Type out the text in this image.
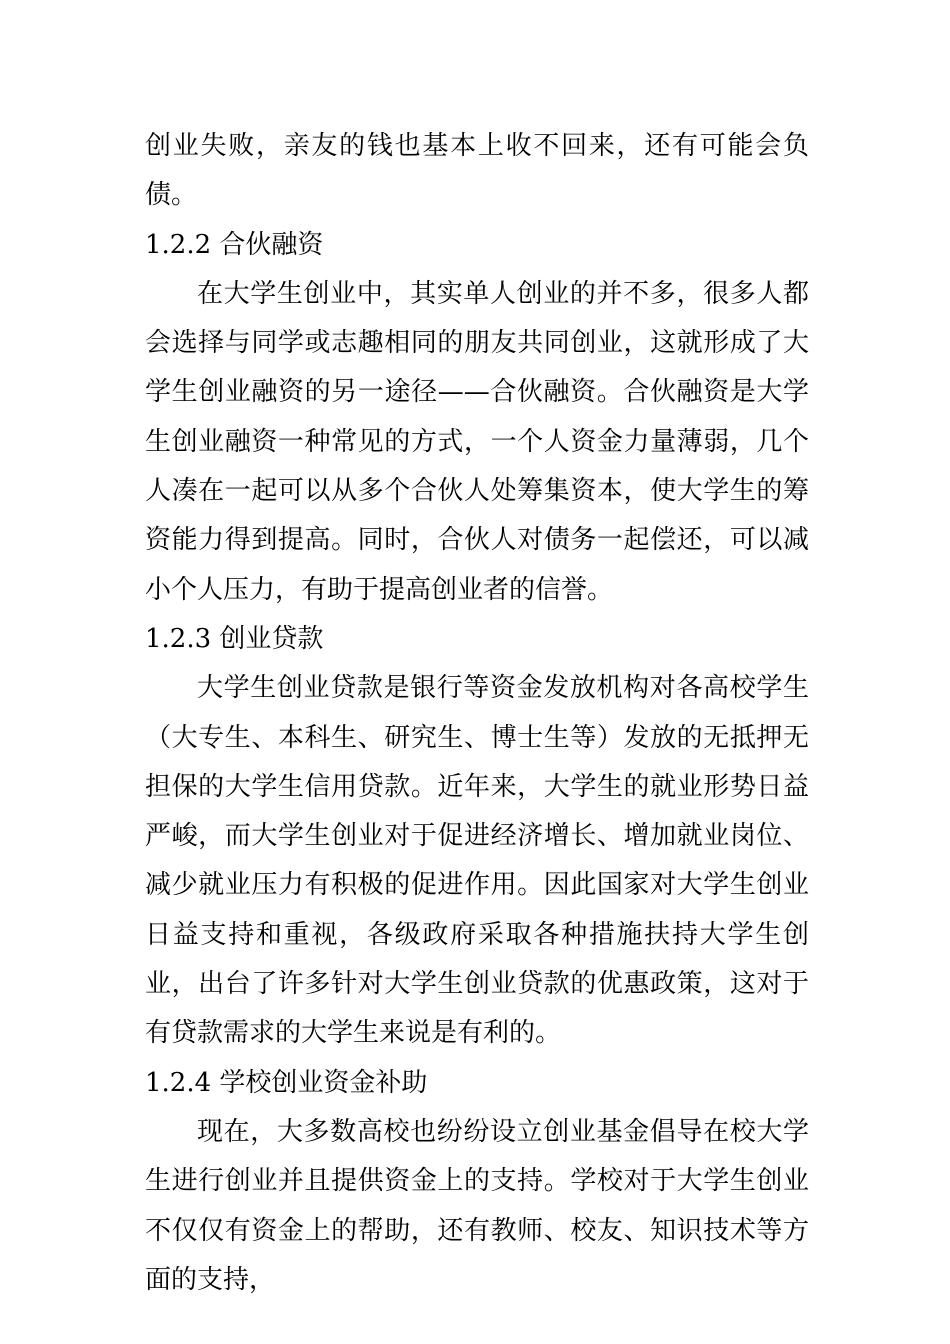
创业失败，亲友的钱也基本上收不回来，还有可能会负债。

1.2.2 合伙融资

在大学生创业中，其实单人创业的并不多，很多人都会选择与同学或志趣相同的朋友共同创业，这就形成了大学生创业融资的另一途径——合伙融资。合伙融资是大学生创业融资一种常见的方式，一个人资金力量薄弱，几个人凑在一起可以从多个合伙人处筹集资本，使大学生的筹资能力得到提高。同时，合伙人对债务一起偿还，可以减小个人压力，有助于提高创业者的信誉。

1.2.3 创业贷款

大学生创业贷款是银行等资金发放机构对各高校学生（大专生、本科生、研究生、博士生等）发放的无抵押无担保的大学生信用贷款。近年来，大学生的就业形势日益严峻，而大学生创业对于促进经济增长、增加就业岗位、减少就业压力有积极的促进作用。因此国家对大学生创业日益支持和重视，各级政府采取各种措施扶持大学生创业，出台了许多针对大学生创业贷款的优惠政策，这对于有贷款需求的大学生来说是有利的。

1.2.4 学校创业资金补助

现在，大多数高校也纷纷设立创业基金倡导在校大学生进行创业并且提供资金上的支持。学校对于大学生创业不仅仅有资金上的帮助，还有教师、校友、知识技术等方面的支持，
